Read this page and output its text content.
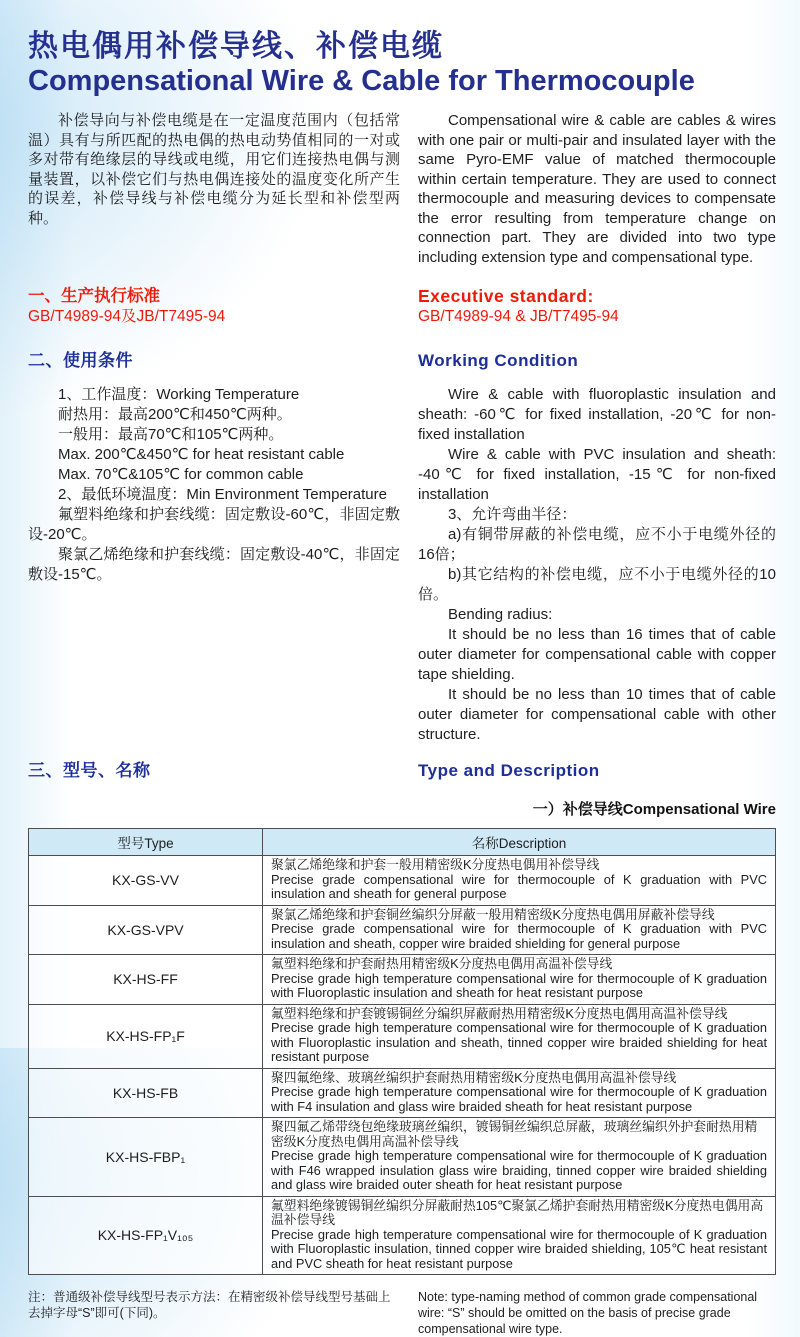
热电偶用补偿导线、补偿电缆
Compensational Wire & Cable for Thermocouple

补偿导向与补偿电缆是在一定温度范围内（包括常温）具有与所匹配的热电偶的热电动势值相同的一对或多对带有绝缘层的导线或电缆，用它们连接热电偶与测量装置，以补偿它们与热电偶连接处的温度变化所产生的误差，补偿导线与补偿电缆分为延长型和补偿型两种。

Compensational wire & cable are cables & wires with one pair or multi-pair and insulated layer with the same Pyro-EMF value of matched thermocouple within certain temperature. They are used to connect thermocouple and measuring devices to compensate the error resulting from temperature change on connection part. They are divided into two type including extension type and compensational type.

一、生产执行标准

GB/T4989-94及JB/T7495-94

Executive standard:

GB/T4989-94 & JB/T7495-94

二、使用条件	Working Condition

1、工作温度：Working Temperature

耐热用：最高200℃和450℃两种。

一般用：最高70℃和105℃两种。

Max. 200℃&450℃ for heat resistant cable

Max. 70℃&105℃ for common cable

2、最低环境温度：Min Environment Temperature

氟塑料绝缘和护套线缆：固定敷设-60℃，非固定敷设-20℃。

聚氯乙烯绝缘和护套线缆：固定敷设-40℃，非固定敷设-15℃。

Wire & cable with fluoroplastic insulation and sheath: -60℃ for fixed installation, -20℃ for non-fixed installation

Wire & cable with PVC insulation and sheath: -40℃ for fixed installation, -15℃ for non-fixed installation

3、允许弯曲半径：

a)有铜带屏蔽的补偿电缆，应不小于电缆外径的16倍；

b)其它结构的补偿电缆，应不小于电缆外径的10倍。

Bending radius:

It should be no less than 16 times that of cable outer diameter for compensational cable with copper tape shielding.

It should be no less than 10 times that of cable outer diameter for compensational cable with other structure.

三、型号、名称	Type and Description

一）补偿导线Compensational Wire
型号Type	名称Description
KX-GS-VV	聚氯乙烯绝缘和护套一般用精密级K分度热电偶用补偿导线
Precise grade compensational wire for thermocouple of K graduation with PVC insulation and sheath for general purpose

KX-GS-VPV	聚氯乙烯绝缘和护套铜丝编织分屏蔽一般用精密级K分度热电偶用屏蔽补偿导线
Precise grade compensational wire for thermocouple of K graduation with PVC insulation and sheath, copper wire braided shielding for general purpose

KX-HS-FF	氟塑料绝缘和护套耐热用精密级K分度热电偶用高温补偿导线
Precise grade high temperature compensational wire for thermocouple of K graduation with Fluoroplastic insulation and sheath for heat resistant purpose

KX-HS-FP₁F	氟塑料绝缘和护套镀锡铜丝分编织屏蔽耐热用精密级K分度热电偶用高温补偿导线
Precise grade high temperature compensational wire for thermocouple of K graduation with Fluoroplastic insulation and sheath, tinned copper wire braided shielding for heat resistant purpose

KX-HS-FB	聚四氟绝缘、玻璃丝编织护套耐热用精密级K分度热电偶用高温补偿导线
Precise grade high temperature compensational wire for thermocouple of K graduation with F4 insulation and glass wire braided sheath for heat resistant purpose

KX-HS-FBP₁	聚四氟乙烯带绕包绝缘玻璃丝编织，镀锡铜丝编织总屏蔽，玻璃丝编织外护套耐热用精密级K分度热电偶用高温补偿导线
Precise grade high temperature compensational wire for thermocouple of K graduation with F46 wrapped insulation glass wire braiding, tinned copper wire braided shielding and glass wire braided outer sheath for heat resistant purpose

KX-HS-FP₁V₁₀₅	氟塑料绝缘镀锡铜丝编织分屏蔽耐热105℃聚氯乙烯护套耐热用精密级K分度热电偶用高温补偿导线
Precise grade high temperature compensational wire for thermocouple of K graduation with Fluoroplastic insulation, tinned copper wire braided shielding, 105℃ heat resistant and PVC sheath for heat resistant purpose

注：普通级补偿导线型号表示方法：在精密级补偿导线型号基础上去掉字母“S”即可(下同)。

Note: type-naming method of common grade compensational wire: “S” should be omitted on the basis of precise grade compensational wire type.
